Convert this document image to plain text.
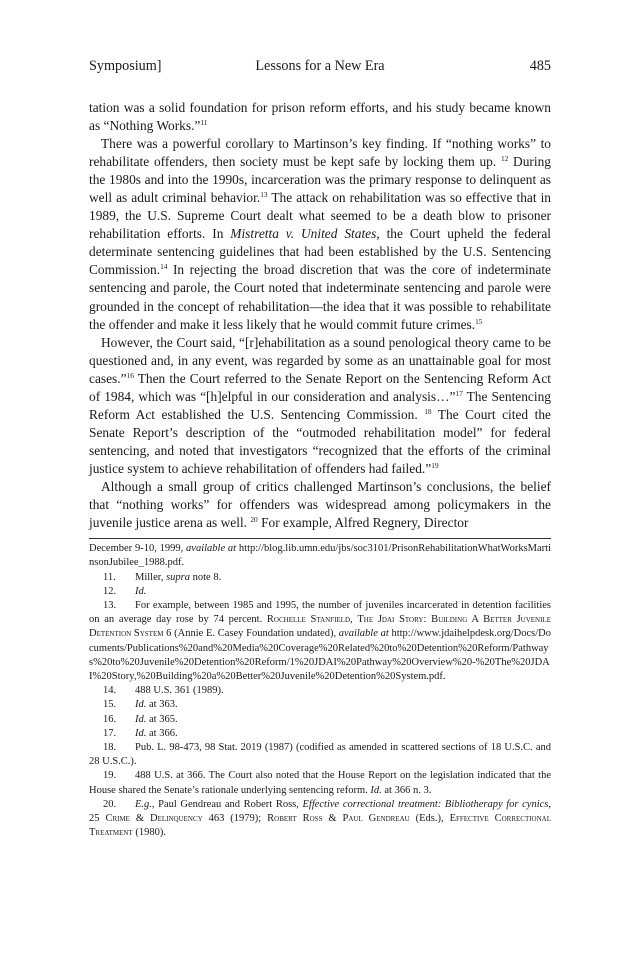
Symposium]	Lessons for a New Era	485

tation was a solid foundation for prison reform efforts, and his study became known as “Nothing Works.”$^{11}$

There was a powerful corollary to Martinson’s key finding. If “nothing works” to rehabilitate offenders, then society must be kept safe by locking them up. $^{12}$ During the 1980s and into the 1990s, incarceration was the primary response to delinquent as well as adult criminal behavior.$^{13}$ The attack on rehabilitation was so effective that in 1989, the U.S. Supreme Court dealt what seemed to be a death blow to prisoner rehabilitation efforts. In Mistretta v. United States, the Court upheld the federal determinate sentencing guidelines that had been established by the U.S. Sentencing Commission.$^{14}$ In rejecting the broad discretion that was the core of indeterminate sentencing and parole, the Court noted that indeterminate sentencing and parole were grounded in the concept of rehabilitation—the idea that it was possible to rehabilitate the offender and make it less likely that he would commit future crimes.$^{15}$

However, the Court said, “[r]ehabilitation as a sound penological theory came to be questioned and, in any event, was regarded by some as an unattainable goal for most cases.”$^{16}$ Then the Court referred to the Senate Report on the Sentencing Reform Act of 1984, which was “[h]elpful in our consideration and analysis…”$^{17}$ The Sentencing Reform Act established the U.S. Sentencing Commission. $^{18}$ The Court cited the Senate Report’s description of the “outmoded rehabilitation model” for federal sentencing, and noted that investigators “recognized that the efforts of the criminal justice system to achieve rehabilitation of offenders had failed.”$^{19}$

Although a small group of critics challenged Martinson’s conclusions, the belief that “nothing works” for offenders was widespread among policymakers in the juvenile justice arena as well. $^{20}$ For example, Alfred Regnery, Director

December 9-10, 1999, available at http://blog.lib.umn.edu/jbs/soc3101/PrisonRehabilitationWhatWorksMartinsonJubilee_1988.pdf.

11. Miller, supra note 8.

12. Id.

13. For example, between 1985 and 1995, the number of juveniles incarcerated in detention facilities on an average day rose by 74 percent. Rochelle Stanfield, The Jdai Story: Building A Better Juvenile Detention System 6 (Annie E. Casey Foundation undated), available at http://www.jdaihelpdesk.org/Docs/Documents/Publications%20and%20Media%20Coverage%20Related%20to%20Detention%20Reform/Pathways%20to%20Juvenile%20Detention%20Reform/1%20JDAI%20Pathway%20Overview%20-%20The%20JDAI%20Story,%20Building%20a%20Better%20Juvenile%20Detention%20System.pdf.

14. 488 U.S. 361 (1989).

15. Id. at 363.

16. Id. at 365.

17. Id. at 366.

18. Pub. L. 98-473, 98 Stat. 2019 (1987) (codified as amended in scattered sections of 18 U.S.C. and 28 U.S.C.).

19. 488 U.S. at 366. The Court also noted that the House Report on the legislation indicated that the House shared the Senate’s rationale underlying sentencing reform. Id. at 366 n. 3.

20. E.g., Paul Gendreau and Robert Ross, Effective correctional treatment: Bibliotherapy for cynics, 25 Crime & Delinquency 463 (1979); Robert Ross & Paul Gendreau (Eds.), Effective Correctional Treatment (1980).
